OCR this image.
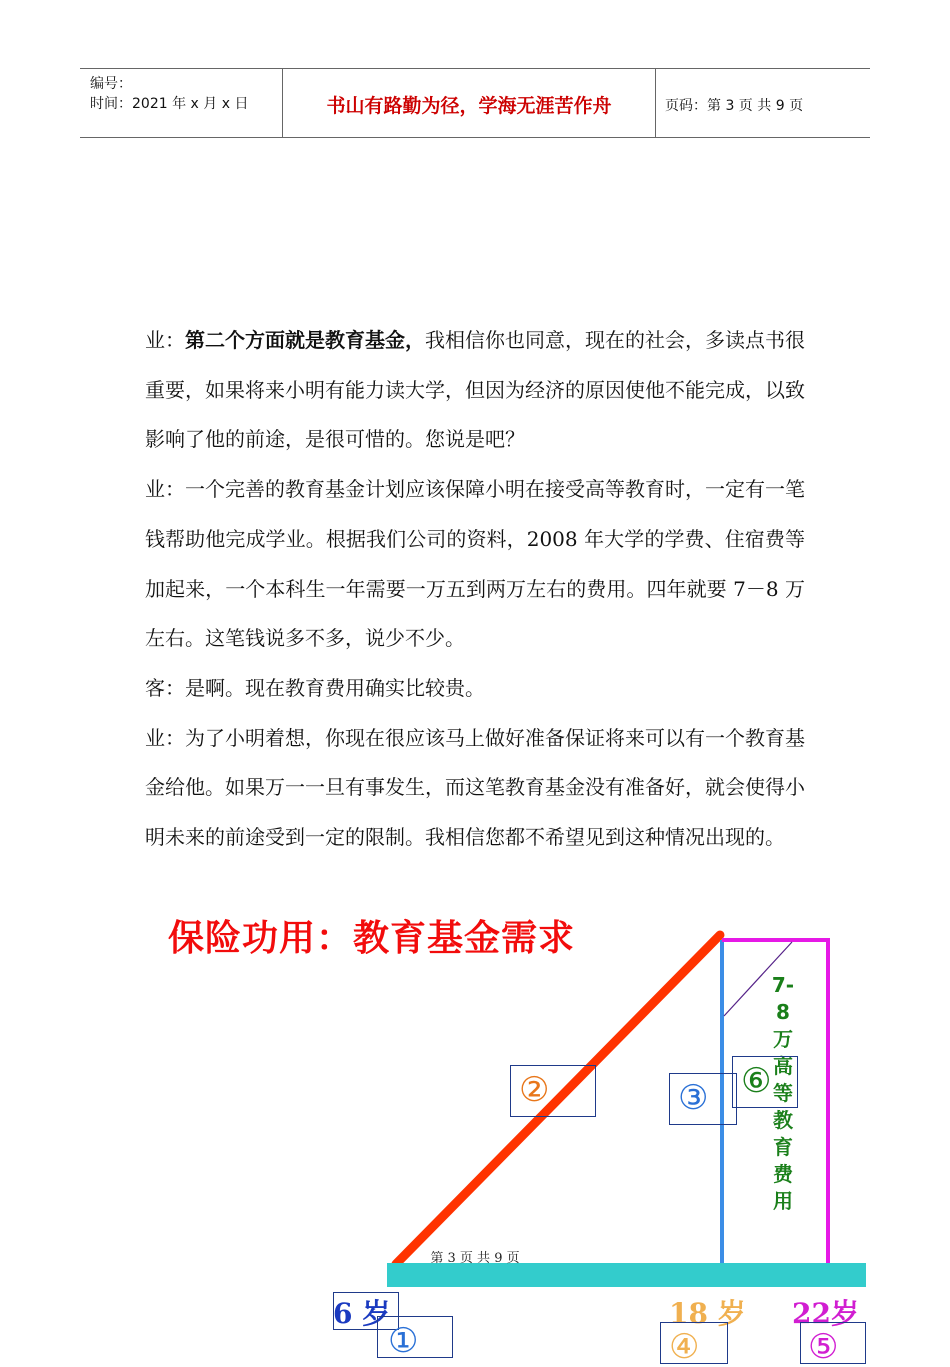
编号：
时间：2021 年 x 月 x 日	书山有路勤为径，学海无涯苦作舟	页码：第 3 页 共 9 页

业：第二个方面就是教育基金，我相信你也同意，现在的社会，多读点书很重要，如果将来小明有能力读大学，但因为经济的原因使他不能完成，以致影响了他的前途，是很可惜的。您说是吧？

业：一个完善的教育基金计划应该保障小明在接受高等教育时，一定有一笔钱帮助他完成学业。根据我们公司的资料，2008 年大学的学费、住宿费等加起来，一个本科生一年需要一万五到两万左右的费用。四年就要 7－8 万左右。这笔钱说多不多，说少不少。

客：是啊。现在教育费用确实比较贵。

业：为了小明着想，你现在很应该马上做好准备保证将来可以有一个教育基金给他。如果万一一旦有事发生，而这笔教育基金没有准备好，就会使得小明未来的前途受到一定的限制。我相信您都不希望见到这种情况出现的。

保险功用：教育基金需求
7-8
万
高
等
教
育
费
用
②	③ ⑥
第 3 页 共 9 页
6 岁	18 岁 22岁
①	④	⑤
